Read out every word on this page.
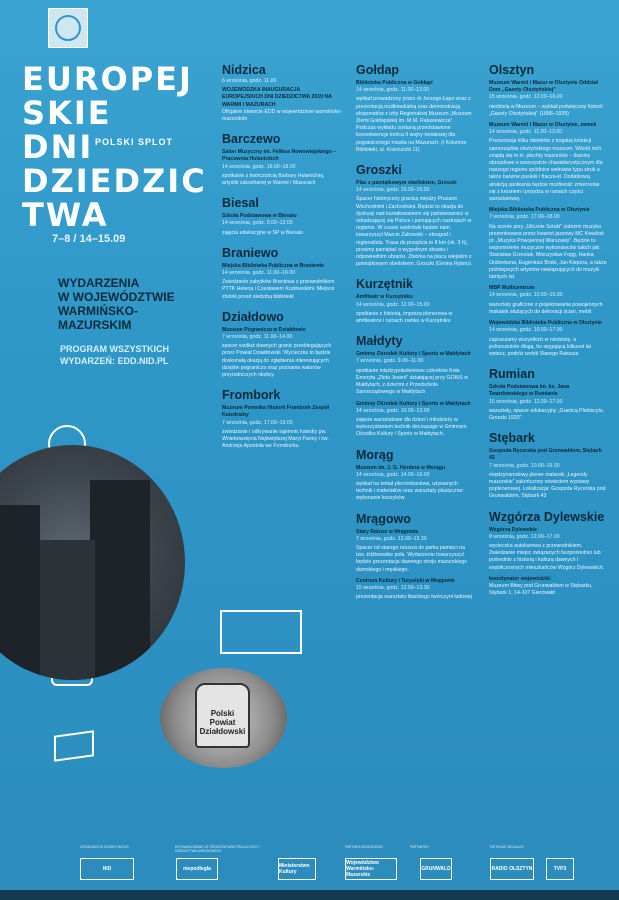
EUROPEJ
SKIE
DNI
DZIEDZIC
TWA
POLSKI SPLOT
7–8 / 14–15.09
WYDARZENIA
W WOJEWÓDZTWIE
WARMIŃSKO-
MAZURSKIM
PROGRAM WSZYSTKICH
WYDARZEŃ: EDD.NID.PL
Polski Powiat Działdowski
Nidzica
6 września, godz. 11.00
WOJEWÓDZKA INAUGURACJA EUROPEJSKICH DNI DZIEDZICTWA 2019 NA WARMII I MAZURACH
Oficjalne otwarcie EDD w województwie warmińsko-mazurskim
Barczewo
Salon Muzyczny im. Feliksa Nowowiejskiego – Pracownia Hulanickich
14 września, godz. 16.00–18.00
spotkanie z twórczością Barbary Hulanickiej, artystki zakochanej w Warmii i Mazurach
Biesal
Szkoła Podstawowa w Biesalu
14 września, godz. 9.00–13.00
zajęcia edukacyjne w SP w Biesalu
Braniewo
Miejska Biblioteka Publiczna w Braniewie
14 września, godz. 11.00–16.00
Zwiedzanie zabytków Braniewa z przewodnikiem PTTK Heleną i Czesławem Kozłowskimi. Miejsce zbiórki przed siedzibą biblioteki.
Działdowo
Muzeum Pogranicza w Działdowie
7 września, godz. 11.00–14.00
spacer wzdłuż dawnych granic przebiegających przez Powiat Działdowski. Wycieczka to będzie doskonałą okazją do zgłębienia interesujących dziejów pogranicza oraz poznania walorów przyrodniczych okolicy.
Frombork
Muzeum Pomnika Historii Frombork Zespół Katedralny
7 września, godz. 17.00–19.00
zwiedzanie i odkrywanie tajemnic katedry pw. Wniebowzięcia Najświętszej Maryi Panny i św. Andrzeja Apostoła we Fromborku.
Gołdap
Biblioteka Publiczna w Gołdapi
14 września, godz. 11.00–13.00
wykład prowadzony przez dr Jerzego Łapo wraz z prezentacją multimedialną oraz demonstracją eksponatów z izby Regionalnej Muzeum „Muzeum Ziemi Gołdapskiej im. M.M. Ratasiewicza”. Podczas wykładu zostaną przedstawione konsekwencje końca II wojny światowej dla pogranicznego miasta na Mazurach. (I Kolumna Biblioteki, ul. Kościuszki 11)
Groszki
Plac z pamiątkowym obeliskiem, Groszki
14 września, godz. 10.00–15.00
Spacer historyczny granicą między Prusami Wschodnimi i Zachodnimi. Będzie to okazja do dyskusji nad kształtowaniem się państwowości w odradzającej się Polsce i panujących nastrojach w regionie. W czasie wędrówki będzie nam towarzyszył Marcin Żabowski – etnograf i regionalista. Trasa do przejścia to 8 km (ok. 3 h), prosimy pamiętać o wygodnym obuwiu i odpowiednim ubraniu. Zbiórka na placu wiejskim z pamiątkowym obeliskiem, Groszki (Gmina Rybno).
Kurzętnik
Amfiteatr w Kurzętniku
14 września, godz. 12.00–15.00
spotkanie z historią, impreza plenerowa w amfiteatrze i ruinach zamku w Kurzętniku
Małdyty
Gminny Ośrodek Kultury i Sportu w Małdytach
7 września, godz. 9.00–11.00
spotkanie międzypokoleniowe członków Koła Emeryta „Złota Jesień” działającej przy GOKiS w Małdytach, z dziećmi z Przedszkola Samorządowego w Małdytach
Gminny Ośrodek Kultury i Sportu w Małdytach
14 września, godz. 10.00–13.00
zajęcia warsztatowe dla dzieci i młodzieży w wykorzystaniem technik decoupage w Gminnym Ośrodku Kultury i Sportu w Małdytach.
Morąg
Muzeum im. J. G. Herdera w Morągu
14 września, godz. 14.00–16.00
wykład na temat plecionkarstwa, używanych technik i materiałów oraz warsztaty plastyczne: wykonanie koszyków.
Mrągowo
Stary Ratusz w Mrągowie
7 września, godz. 12.00–13.30
Spacer od starego ratusza do parku pamięci na tzw. źdźbowskie pola. Wydarzeniu towarzyszyć będzie prezentacja dawnego stroju mazurskiego damskiego i męskiego.
Centrum Kultury i Turystyki w Mrągowie
15 września, godz. 12.00–13.30
prezentacja warsztatu tkackiego twórczyni ludowej
Olsztyn
Muzeum Warmii i Mazur w Olsztynie Oddział Dom „Gazety Olsztyńskiej”
15 września, godz. 12.00–16.00
niedziela w Muzeum – wykład poświęcony historii „Gazety Olsztyńskiej” (1886–1939)
Muzeum Warmii i Mazur w Olsztynie, zamek
14 września, godz. 11.00–13.00
Prezentacja kilku obiektów z bogatej kolekcji samorządów olsztyńskiego muzeum. Wśród nich znajdą się m.in. płachty mazurskie – tkaniny obrzędowe o wzorzystcie charakterystycznym dla naszego regionu spódnice wełniane typu struk a także barwne pasiaki i fracza-ki. Dodatkową atrakcją spotkania będzie możliwość zmierzenia się z krosnem i przędza w ramach części warsztatowej.
Miejska Biblioteka Publiczna w Olsztynie
7 września, godz. 17.00–18.00
Na scenie przy „Ulicznie Sztuki” zabrzmi muzyka prezentowana przez kwartet jazzowy MC Kwadrat pt. „Muzyka Powojennej Warszawy”. Będzie to wspomnienie muzyczne wykonawców takich jak: Stanisław Grzesiuk, Mieczysław Fogg, Hanka Ordonówna, Eugeniusz Bodo, Jan Kiepura, a także późniejszych artystów nawiązujących do muzyki tamtych lat.
MBP Multicentrum
14 września, godz. 10.00–15.00
warsztaty graficzne z projektowania powojennych makatek służących do dekoracji ścian, mebli
Wojewódzka Biblioteka Publiczna w Olsztynie
14 września, godz. 10.00–17.00
zapraszamy wszystkich w niedzielę, a jednocześnie długą, bo sięgającą kilkuset lat wstecz, podróż wokół Starego Ratusza
Rumian
Szkoła Podstawowa im. ks. Jana Twardowskiego w Rumianie
15 września, godz. 12.00–17.00
warsztaty, spacer edukacyjny „Granicą Plebiscytu. Groszki 1920”.
Stębark
Gospoda Rycerska pod Grunwaldem, Stębark 43
7 września, godz. 10.00–19.00
międzynarodowy plener malarski „Legendy mazurskie” zakończony otwarciem wystawy poplenerowej. Lokalizacja: Gospoda Rycerska pod Grunwaldem, Stębark 43
Wzgórza Dylewskie
Wzgórza Dylewskie
8 września, godz. 12.00–17.00
wycieczka autokarowa z przewodnikiem. Zwiedzanie miejsc związanych bezpośrednio lub pośrednio z historią i kulturą dawnych i współczesnych mieszkańców Wzgórz Dylewskich.
koordynator wojewódzki:
Muzeum Bitwy pod Grunwaldem w Stębarku, Stębark 1, 14-107 Gierzwałd
ORGANIZATOR KOORDYNATOR	DOFINANSOWANO ZE ŚRODKÓW MINISTRA KULTURY I DZIEDZICTWA NARODOWEGO
PARTNER WOJEWÓDZKI	PARTNERZY	PATRONAT MEDIALNY
NID	niepodległa	Ministerstwo Kultury
Województwo Warmińsko-Mazurskie
GRUNWALD	RADIO OLSZTYN	TVP3
